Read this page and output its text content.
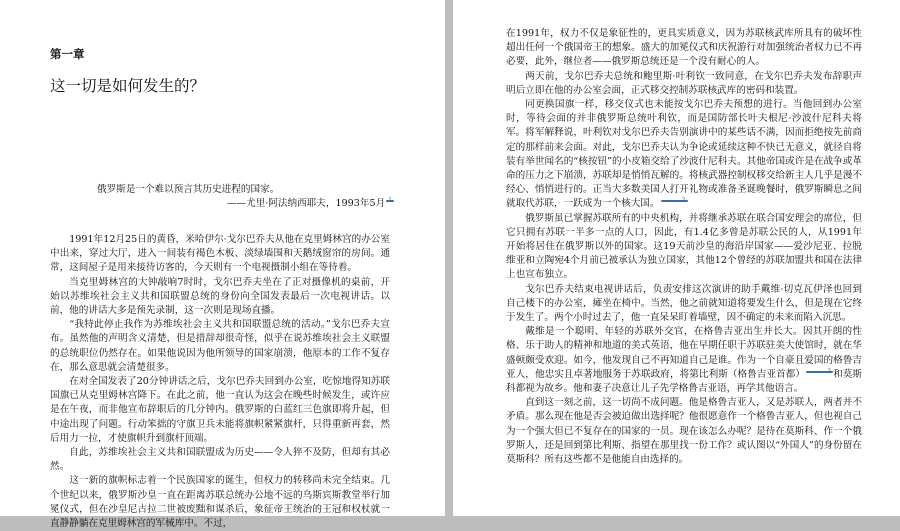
第一章
这一切是如何发生的？

俄罗斯是一个难以预言其历史进程的国家。

——尤里·阿法纳西耶夫，1993年5月 1

1991年12月25日的黄昏，米哈伊尔·戈尔巴乔夫从他在克里姆林宫的办公室中出来，穿过大厅，进入一间装有褐色木板、淡绿墙围和天鹅绒窗帘的房间。通常，这间屋子是用来接待访客的，今天则有一个电视摄制小组在等待着。

当克里姆林宫的大钟敲响7时时，戈尔巴乔夫坐在了正对摄像机的桌前，开始以苏维埃社会主义共和国联盟总统的身份向全国发表最后一次电视讲话。以前，他的讲话大多是预先录制，这一次则是现场直播。

“我特此停止我作为苏维埃社会主义共和国联盟总统的活动。”戈尔巴乔夫宣布。虽然他的声明含义清楚，但是措辞却很奇怪，似乎在说苏维埃社会主义联盟的总统职位仍然存在。如果他说因为他所领导的国家崩溃，他原本的工作不复存在，那么意思就会清楚很多。

在对全国发表了20分钟讲话之后，戈尔巴乔夫回到办公室，吃惊地得知苏联国旗已从克里姆林宫降下。在此之前，他一直认为这会在晚些时候发生，或许应是在午夜，而非他宣布辞职后的几分钟内。俄罗斯的白蓝红三色旗即将升起，但中途出现了问题。行动笨拙的守旗卫兵未能将旗帜紧紧旗杆，只得重新再套，然后用力一拉，才使旗帜升到旗杆顶端。

自此，苏维埃社会主义共和国联盟成为历史——令人猝不及防，但却有其必然。

这一新的旗帜标志着一个民族国家的诞生，但权力的转移尚未完全结束。几个世纪以来，俄罗斯沙皇一直在距离苏联总统办公地不远的乌斯宾斯教堂举行加冕仪式，但在沙皇尼古拉二世被废黜和谋杀后，象征帝王统治的王冠和权杖就一直静静躺在克里姆林宫的军械库中。不过，

在1991年，权力不仅是象征性的，更具实质意义，因为苏联核武库所具有的破坏性超出任何一个俄国帝王的想象。盛大的加冕仪式和庆祝游行对加强统治者权力已不再必要，此外，继位者——俄罗斯总统还是一个没有耐心的人。

两天前，戈尔巴乔夫总统和鲍里斯·叶利钦一致同意，在戈尔巴乔夫发布辞职声明后立即在他的办公室会面，正式移交控制苏联核武库的密码和装置。

同更换国旗一样，移交仪式也未能按戈尔巴乔夫预想的进行。当他回到办公室时，等待会面的并非俄罗斯总统叶利钦，而是国防部长叶夫根尼·沙波什尼科夫将军。将军解释说，叶利钦对戈尔巴乔夫告别演讲中的某些话不满，因而拒绝按先前商定的那样前来会面。对此，戈尔巴乔夫认为争论或延续这种不快已无意义，就径自将装有举世闻名的“核按钮”的小皮箱交给了沙波什尼科夫。其他帝国或许是在战争或革命的压力之下崩溃，苏联却是悄悄瓦解的。将核武器控制权移交给新主人几乎是漫不经心、悄悄进行的。正当大多数美国人打开礼物或准备圣诞晚餐时，俄罗斯瞬息之间就取代苏联，一跃成为一个核大国。	2

俄罗斯虽已掌握苏联所有的中央机构，并将继承苏联在联合国安理会的席位，但它只拥有苏联一半多一点的人口，因此，有1.4亿多曾是苏联公民的人，从1991年开始将居住在俄罗斯以外的国家。这19天前沙皇的海沿岸国家——爱沙尼亚、拉脱维亚和立陶宛4个月前已被承认为独立国家，其他12个曾经的苏联加盟共和国在法律上也宣布独立。

戈尔巴乔夫结束电视讲话后，负责安排这次演讲的助手戴维·切克瓦伊泽也回到自己楼下的办公室，瘫坐在椅中。当然，他之前就知道将要发生什么，但是现在它终于发生了。两个小时过去了，他一直呆呆盯着墙壁，因不确定的未来而陷入沉思。

戴维是一个聪明、年轻的苏联外交官，在格鲁吉亚出生并长大。因其开朗的性格、乐于助人的精神和地道的美式英语，他在早期任职于苏联驻美大使馆时，就在华盛顿颇受欢迎。如今，他发现自己不再知道自己是谁。作为一个自豪且爱国的格鲁吉亚人，他忠实且卓著地服务于苏联政府，将第比利斯（格鲁吉亚首都）	3 和莫斯科都视为故乡。他和妻子决意让儿子先学格鲁吉亚语，再学其他语言。

直到这一刻之前，这一切尚不成问题。他是格鲁吉亚人，又是苏联人，两者并不矛盾。那么现在他是否会被迫做出选择呢？他很愿意作一个格鲁吉亚人，但也视自己为一个强大但已不复存在的国家的一员。现在该怎么办呢？是待在莫斯科、作一个俄罗斯人，还是回到第比利斯、指望在那里找一份工作？或认图以“外国人”的身份留在莫斯科？所有这些都不是他能自由选择的。
